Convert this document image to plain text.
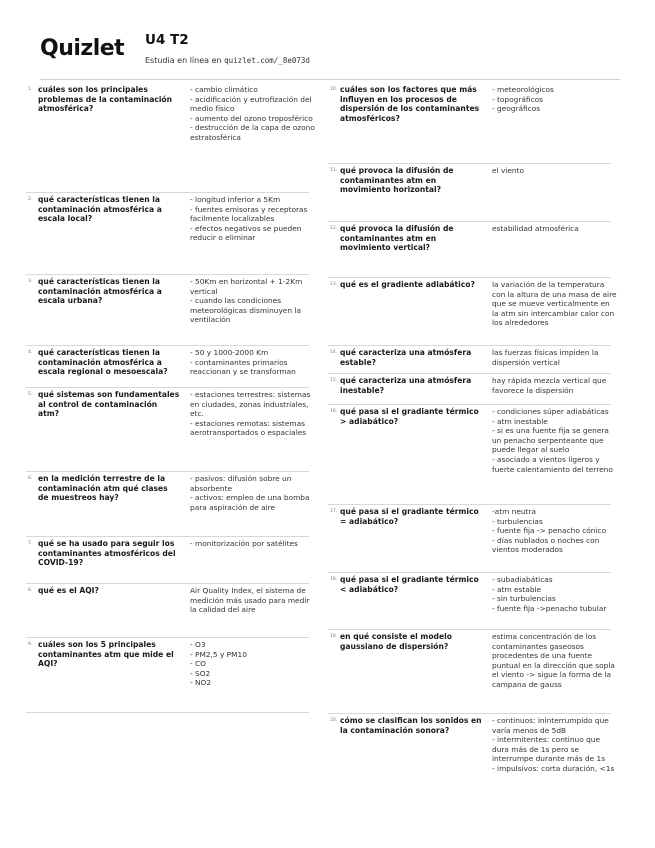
Quizlet U4 T2
Estudia en línea en quizlet.com/_8e073d
1. cuáles son los principales problemas de la contaminación atmosférica?
- cambio climático
- acidificación y eutrofización del medio físico
- aumento del ozono troposférico
- destrucción de la capa de ozono estratosférica
2. qué características tienen la contaminación atmosférica a escala local?
- longitud inferior a 5Km
- fuentes emisoras y receptoras facilmente localizables
- efectos negativos se pueden reducir o eliminar
3. qué características tienen la contaminación atmosférica a escala urbana?
- 50Km en horizontal + 1-2Km vertical
- cuando las condiciones meteorológicas disminuyen la ventilación
4. qué características tienen la contaminación atmosférica a escala regional o mesoescala?
- 50 y 1000-2000 Km
- contaminantes primarios reaccionan y se transforman
5. qué sistemas son fundamentales al control de contaminación atm?
- estaciones terrestres: sistemas en ciudades, zonas industriales, etc.
- estaciones remotas: sistemas aerotransportados o espaciales
6. en la medición terrestre de la contaminación atm qué clases de muestreos hay?
- pasivos: difusión sobre un absorbente
- activos: empleo de una bomba para aspiración de aire
7. qué se ha usado para seguir los contaminantes atmosféricos del COVID-19?
- monitorización por satélites
8. qué es el AQI?	Air Quality Index, el sistema de medición más usado para medir la calidad del aire
9. cuáles son los 5 principales contaminantes atm que mide el AQI?
- O3
- PM2,5 y PM10
- CO
- SO2
- NO2
10. cuáles son los factores que más influyen en los procesos de dispersión de los contaminantes atmosféricos?
- meteorológicos
- topográficos
- geográficos
11. qué provoca la difusión de contaminantes atm en movimiento horizontal?
el viento
12. qué provoca la difusión de contaminantes atm en movimiento vertical?
estabilidad atmosférica
13. qué es el gradiente adiabático?	la variación de la temperatura con la altura de una masa de aire que se mueve verticalmente en la atm sin intercambiar calor con los alrededores
14. qué caracteriza una atmósfera estable?
las fuerzas físicas impiden la dispersión vertical
15. qué caracteriza una atmósfera inestable?
hay rápida mezcla vertical que favorece la dispersión
16. qué pasa si el gradiante térmico > adiabático?
- condiciones súper adiabáticas
- atm inestable
- si es una fuente fija se genera un penacho serpenteante que puede llegar al suelo
- asociado a vientos ligeros y fuerte calentamiento del terreno
17. qué pasa si el gradiante térmico = adiabático?
-atm neutra
- turbulencias
- fuente fija -> penacho cónico
- días nublados o noches con vientos moderados
18. qué pasa si el gradiante térmico < adiabático?
- subadiabáticas
- atm estable
- sin turbulencias
- fuente fija ->penacho tubular
19. en qué consiste el modelo gaussiano de dispersión?
estima concentración de los contaminantes gaseosos procedentes de una fuente puntual en la dirección que sopla el viento -> sigue la forma de la campana de gauss
20. cómo se clasifican los sonidos en la contaminación sonora?
- continuos: ininterrumpido que varía menos de 5dB
- intermitentes: continuo que dura más de 1s pero se interrumpe durante más de 1s
- impulsivos: corta duración, <1s
